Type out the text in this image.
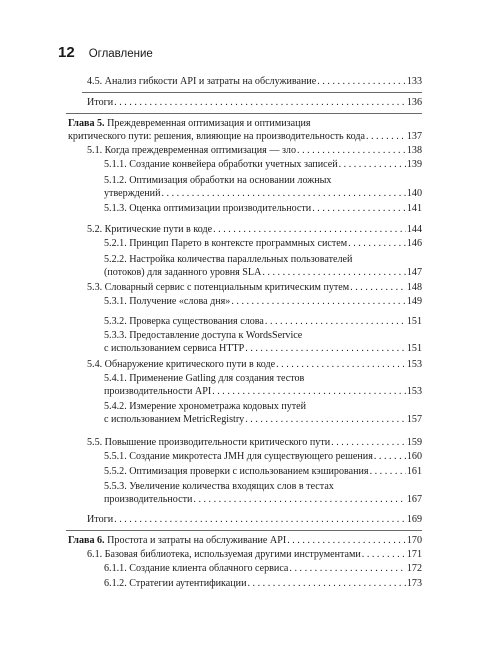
12 Оглавление
4.5. Анализ гибкости API и затраты на обслуживание . . .	133
Итоги . . .	136
Глава 5. Преждевременная оптимизация и оптимизация
критического пути: решения, влияющие на производительность кода . . .	137
5.1. Когда преждевременная оптимизация — зло . . .	138
5.1.1. Создание конвейера обработки учетных записей . . .	139
5.1.2. Оптимизация обработки на основании ложных
утверждений . . .	140
5.1.3. Оценка оптимизации производительности . . .	141
5.2. Критические пути в коде . . .	144
5.2.1. Принцип Парето в контексте программных систем . . .	146
5.2.2. Настройка количества параллельных пользователей
(потоков) для заданного уровня SLA . . .	147
5.3. Словарный сервис с потенциальным критическим путем . . .	148
5.3.1. Получение «слова дня» . . .	149
5.3.2. Проверка существования слова . . .	151
5.3.3. Предоставление доступа к WordsService
с использованием сервиса HTTP . . .	151
5.4. Обнаружение критического пути в коде . . .	153
5.4.1. Применение Gatling для создания тестов
производительности API . . .	153
5.4.2. Измерение хронометража кодовых путей
с использованием MetricRegistry . . .	157
5.5. Повышение производительности критического пути . . .	159
5.5.1. Создание микротеста JMH для существующего решения . . .	160
5.5.2. Оптимизация проверки с использованием кэширования . . .	161
5.5.3. Увеличение количества входящих слов в тестах
производительности . . .	167
Итоги . . .	169
Глава 6.
Простота и затраты на обслуживание API . . .	170
6.1. Базовая библиотека, используемая другими инструментами . . .	171
6.1.1. Создание клиента облачного сервиса . . .	172
6.1.2. Стратегии аутентификации . . .	173
